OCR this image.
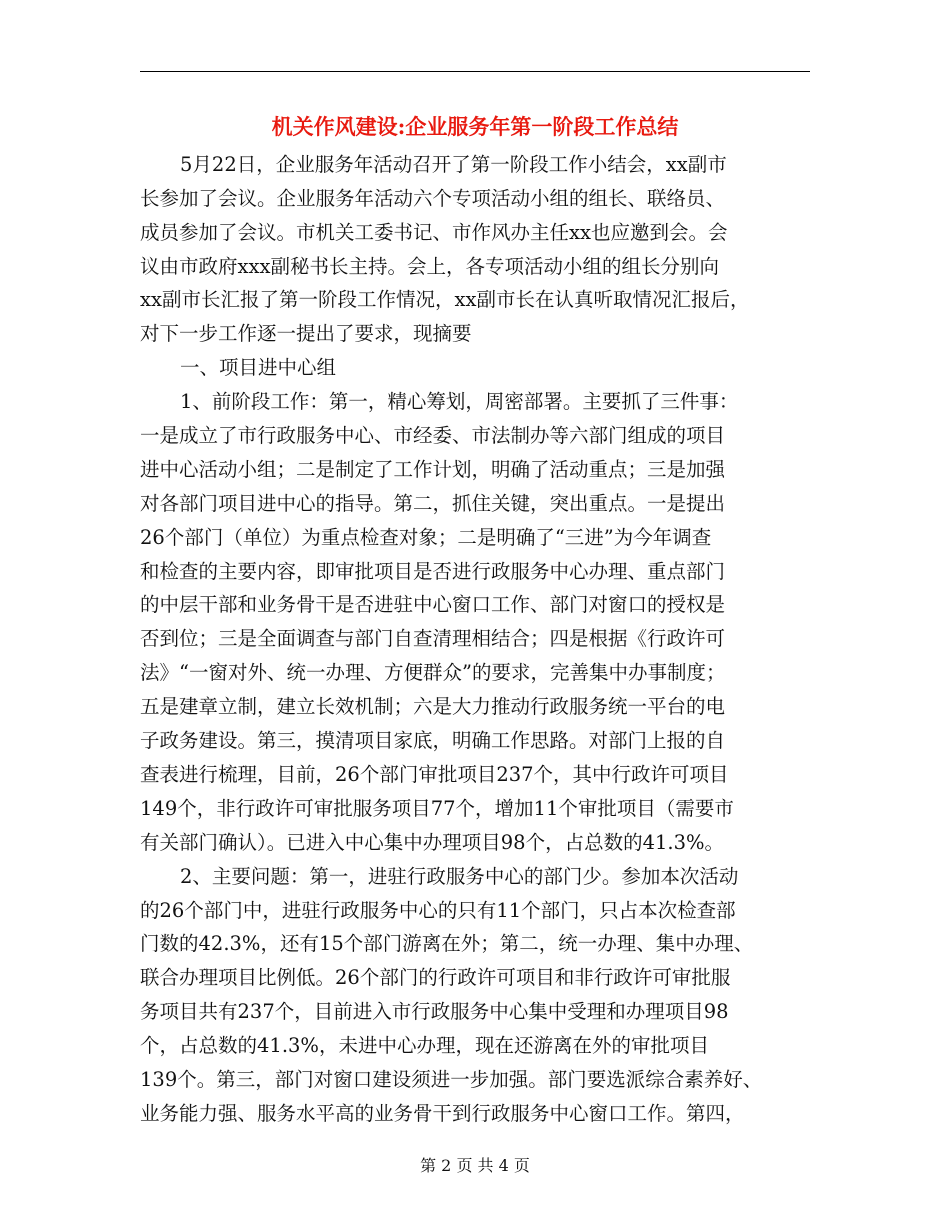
机关作风建设:企业服务年第一阶段工作总结
5月22日，企业服务年活动召开了第一阶段工作小结会，xx副市
长参加了会议。企业服务年活动六个专项活动小组的组长、联络员、
成员参加了会议。市机关工委书记、市作风办主任xx也应邀到会。会
议由市政府xxx副秘书长主持。会上，各专项活动小组的组长分别向
xx副市长汇报了第一阶段工作情况，xx副市长在认真听取情况汇报后，
对下一步工作逐一提出了要求，现摘要
一、项目进中心组
1、前阶段工作：第一，精心筹划，周密部署。主要抓了三件事：
一是成立了市行政服务中心、市经委、市法制办等六部门组成的项目
进中心活动小组；二是制定了工作计划，明确了活动重点；三是加强
对各部门项目进中心的指导。第二，抓住关键，突出重点。一是提出
26个部门（单位）为重点检查对象；二是明确了“三进”为今年调查
和检查的主要内容，即审批项目是否进行政服务中心办理、重点部门
的中层干部和业务骨干是否进驻中心窗口工作、部门对窗口的授权是
否到位；三是全面调查与部门自查清理相结合；四是根据《行政许可
法》“一窗对外、统一办理、方便群众”的要求，完善集中办事制度；
五是建章立制，建立长效机制；六是大力推动行政服务统一平台的电
子政务建设。第三，摸清项目家底，明确工作思路。对部门上报的自
查表进行梳理，目前，26个部门审批项目237个，其中行政许可项目
149个，非行政许可审批服务项目77个，增加11个审批项目（需要市
有关部门确认）。已进入中心集中办理项目98个，占总数的41.3%。
2、主要问题：第一，进驻行政服务中心的部门少。参加本次活动
的26个部门中，进驻行政服务中心的只有11个部门，只占本次检查部
门数的42.3%，还有15个部门游离在外；第二，统一办理、集中办理、
联合办理项目比例低。26个部门的行政许可项目和非行政许可审批服
务项目共有237个，目前进入市行政服务中心集中受理和办理项目98
个，占总数的41.3%，未进中心办理，现在还游离在外的审批项目
139个。第三，部门对窗口建设须进一步加强。部门要选派综合素养好、
业务能力强、服务水平高的业务骨干到行政服务中心窗口工作。第四，
第 2 页 共 4 页
